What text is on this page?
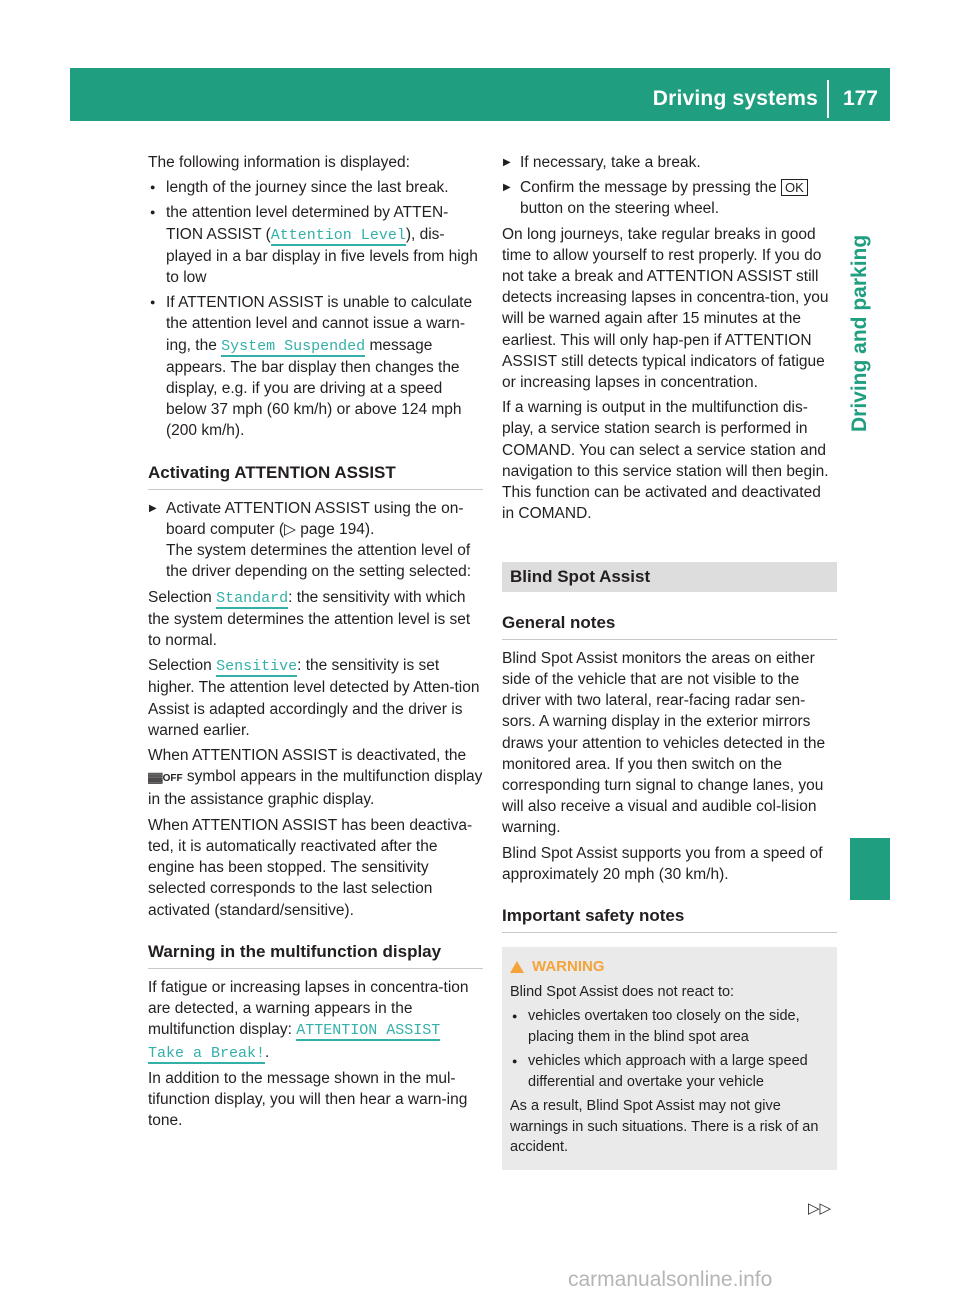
Driving systems 177
Driving and parking

The following information is displayed:

● length of the journey since the last break.
● the attention level determined by ATTEN-TION ASSIST (Attention Level), dis-played in a bar display in five levels from high to low
● If ATTENTION ASSIST is unable to calculate the attention level and cannot issue a warn-ing, the System Suspended message appears. The bar display then changes the display, e.g. if you are driving at a speed below 37 mph (60 km/h) or above 124 mph (200 km/h).
Activating ATTENTION ASSIST
▶ Activate ATTENTION ASSIST using the on-board computer (▷ page 194).
The system determines the attention level of the driver depending on the setting selected:

Selection Standard: the sensitivity with which the system determines the attention level is set to normal.

Selection Sensitive: the sensitivity is set higher. The attention level detected by Atten-tion Assist is adapted accordingly and the driver is warned earlier.

When ATTENTION ASSIST is deactivated, the ▓▓OFF symbol appears in the multifunction display in the assistance graphic display.

When ATTENTION ASSIST has been deactiva-ted, it is automatically reactivated after the engine has been stopped. The sensitivity selected corresponds to the last selection activated (standard/sensitive).

Warning in the multifunction display

If fatigue or increasing lapses in concentra-tion are detected, a warning appears in the multifunction display: ATTENTION ASSIST Take a Break!.

In addition to the message shown in the mul-tifunction display, you will then hear a warn-ing tone.

▶ If necessary, take a break.
▶ Confirm the message by pressing the OK button on the steering wheel.

On long journeys, take regular breaks in good time to allow yourself to rest properly. If you do not take a break and ATTENTION ASSIST still detects increasing lapses in concentra-tion, you will be warned again after 15 minutes at the earliest. This will only hap-pen if ATTENTION ASSIST still detects typical indicators of fatigue or increasing lapses in concentration.

If a warning is output in the multifunction dis-play, a service station search is performed in COMAND. You can select a service station and navigation to this service station will then begin. This function can be activated and deactivated in COMAND.

Blind Spot Assist
General notes

Blind Spot Assist monitors the areas on either side of the vehicle that are not visible to the driver with two lateral, rear-facing radar sen-sors. A warning display in the exterior mirrors draws your attention to vehicles detected in the monitored area. If you then switch on the corresponding turn signal to change lanes, you will also receive a visual and audible col-lision warning.

Blind Spot Assist supports you from a speed of approximately 20 mph (30 km/h).

Important safety notes
WARNING

Blind Spot Assist does not react to:

● vehicles overtaken too closely on the side, placing them in the blind spot area
● vehicles which approach with a large speed differential and overtake your vehicle

As a result, Blind Spot Assist may not give warnings in such situations. There is a risk of an accident.

▷▷
carmanualsonline.info
